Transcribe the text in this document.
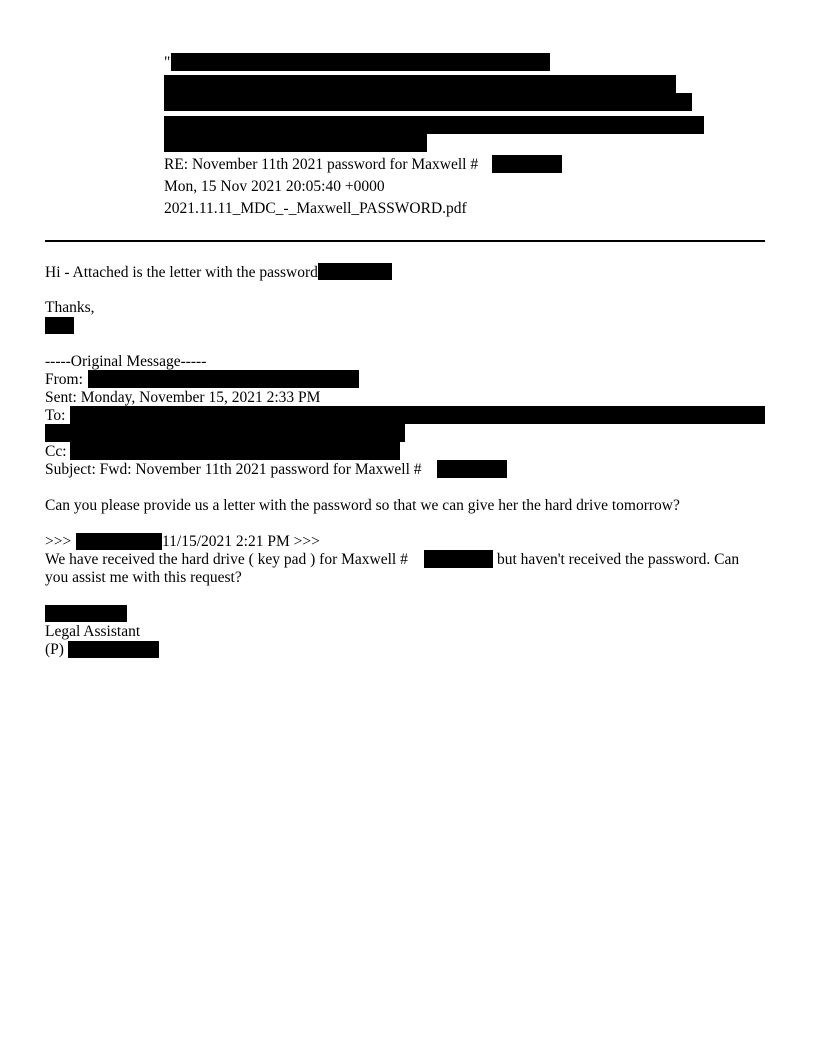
"
RE: November 11th 2021 password for Maxwell #
Mon, 15 Nov 2021 20:05:40 +0000
2021.11.11_MDC_-_Maxwell_PASSWORD.pdf
Hi - Attached is the letter with the password
Thanks,
-----Original Message-----
From:
Sent: Monday, November 15, 2021 2:33 PM
To:
Cc:
Subject: Fwd: November 11th 2021 password for Maxwell #
Can you please provide us a letter with the password so that we can give her the hard drive tomorrow?
>>>	11/15/2021 2:21 PM >>>
We have received the hard drive ( key pad ) for Maxwell #	but haven't received the password. Can
you assist me with this request?
Legal Assistant
(P)
